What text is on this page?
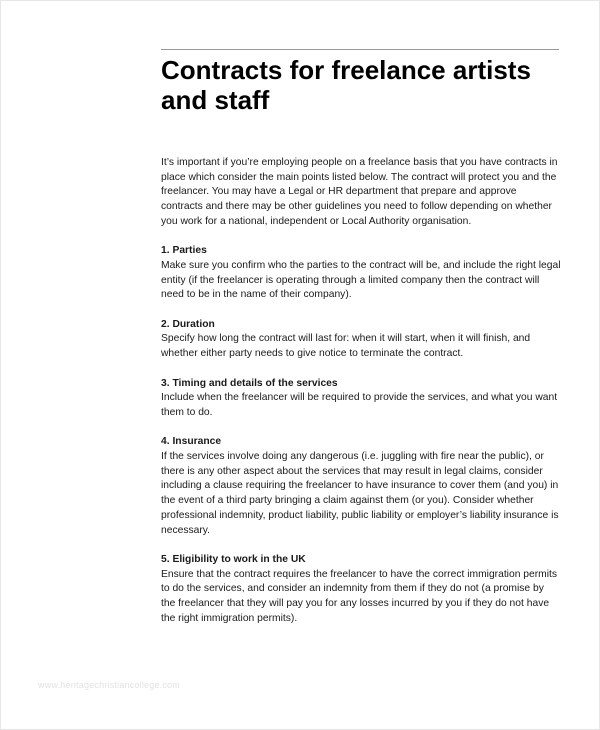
Contracts for freelance artists and staff

It’s important if you’re employing people on a freelance basis that you have contracts in place which consider the main points listed below. The contract will protect you and the freelancer. You may have a Legal or HR department that prepare and approve contracts and there may be other guidelines you need to follow depending on whether you work for a national, independent or Local Authority organisation.

1. Parties

Make sure you confirm who the parties to the contract will be, and include the right legal entity (if the freelancer is operating through a limited company then the contract will need to be in the name of their company).

2. Duration

Specify how long the contract will last for: when it will start, when it will finish, and whether either party needs to give notice to terminate the contract.

3. Timing and details of the services

Include when the freelancer will be required to provide the services, and what you want them to do.

4. Insurance

If the services involve doing any dangerous (i.e. juggling with fire near the public), or there is any other aspect about the services that may result in legal claims, consider including a clause requiring the freelancer to have insurance to cover them (and you) in the event of a third party bringing a claim against them (or you). Consider whether professional indemnity, product liability, public liability or employer’s liability insurance is necessary.

5. Eligibility to work in the UK

Ensure that the contract requires the freelancer to have the correct immigration permits to do the services, and consider an indemnity from them if they do not (a promise by the freelancer that they will pay you for any losses incurred by you if they do not have the right immigration permits).

www.heritagechristiancollege.com
